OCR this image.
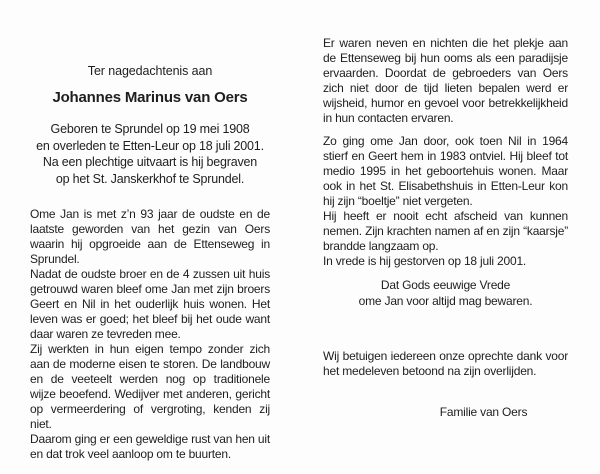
Ter nagedachtenis aan
Johannes Marinus van Oers
Geboren te Sprundel op 19 mei 1908
en overleden te Etten-Leur op 18 juli 2001.
Na een plechtige uitvaart is hij begraven
op het St. Janskerkhof te Sprundel.

Ome Jan is met z’n 93 jaar de oudste en de laatste geworden van het gezin van Oers waarin hij opgroeide aan de Ettenseweg in Sprundel.

Nadat de oudste broer en de 4 zussen uit huis getrouwd waren bleef ome Jan met zijn broers Geert en Nil in het ouderlijk huis wonen. Het leven was er goed; het bleef bij het oude want daar waren ze tevreden mee.

Zij werkten in hun eigen tempo zonder zich aan de moderne eisen te storen. De landbouw en de veeteelt werden nog op traditionele wijze beoefend. Wedijver met anderen, gericht op vermeerdering of vergroting, kenden zij niet.

Daarom ging er een geweldige rust van hen uit en dat trok veel aanloop om te buurten.

Er waren neven en nichten die het plekje aan de Ettenseweg bij hun ooms als een paradijsje ervaarden. Doordat de gebroeders van Oers zich niet door de tijd lieten bepalen werd er wijsheid, humor en gevoel voor betrekkelijkheid in hun contacten ervaren.

Zo ging ome Jan door, ook toen Nil in 1964 stierf en Geert hem in 1983 ontviel. Hij bleef tot medio 1995 in het geboortehuis wonen. Maar ook in het St. Elisabethshuis in Etten-Leur kon hij zijn “boeltje” niet vergeten.

Hij heeft er nooit echt afscheid van kunnen nemen. Zijn krachten namen af en zijn “kaarsje” brandde langzaam op.

In vrede is hij gestorven op 18 juli 2001.

Dat Gods eeuwige Vrede
ome Jan voor altijd mag bewaren.
Wij betuigen iedereen onze oprechte dank voor het medeleven betoond na zijn overlijden.
Familie van Oers
